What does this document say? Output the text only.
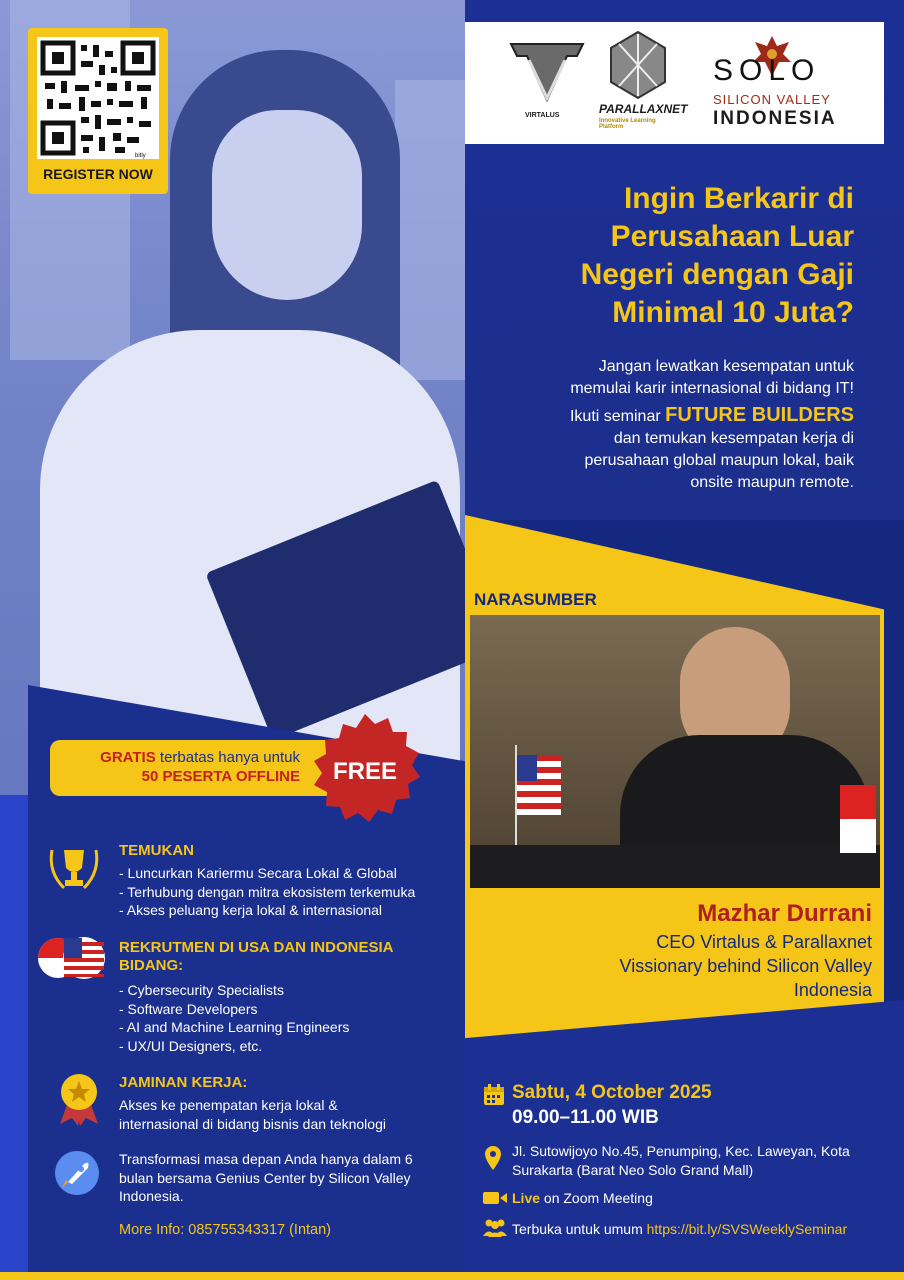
bitly
REGISTER NOW
VIRTALUS	PARALLAXNET
Innovative Learning Platform
SOLO
SILICON VALLEY
INDONESIA
Ingin Berkarir di
Perusahaan Luar
Negeri dengan Gaji
Minimal 10 Juta?
Jangan lewatkan kesempatan untuk
memulai karir internasional di bidang IT!
Ikuti seminar FUTURE BUILDERS
dan temukan kesempatan kerja di
perusahaan global maupun lokal, baik
onsite maupun remote.
NARASUMBER
Mazhar Durrani
CEO Virtalus & Parallaxnet
Vissionary behind Silicon Valley
Indonesia
GRATIS terbatas hanya untuk
50 PESERTA OFFLINE	FREE
TEMUKAN
- Luncurkan Kariermu Secara Lokal & Global
- Terhubung dengan mitra ekosistem terkemuka
- Akses peluang kerja lokal & internasional
REKRUTMEN DI USA DAN INDONESIA
BIDANG:
- Cybersecurity Specialists
- Software Developers
- AI and Machine Learning Engineers
- UX/UI Designers, etc.
JAMINAN KERJA:
Akses ke penempatan kerja lokal &
internasional di bidang bisnis dan teknologi
Transformasi masa depan Anda hanya dalam 6
bulan bersama Genius Center by Silicon Valley
Indonesia.
More Info: 085755343317 (Intan)
Sabtu, 4 October 2025
09.00–11.00 WIB
Jl. Sutowijoyo No.45, Penumping, Kec. Laweyan, Kota
Surakarta (Barat Neo Solo Grand Mall)
Live on Zoom Meeting
Terbuka untuk umum https://bit.ly/SVSWeeklySeminar
